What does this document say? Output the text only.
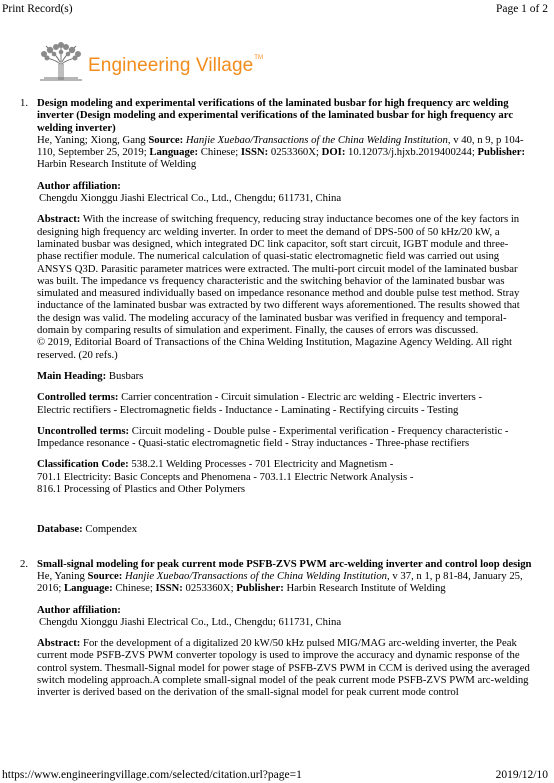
Print Record(s)	Page 1 of 2
Engineering Village™
1. Design modeling and experimental verifications of the laminated busbar for high frequency arc welding inverter (Design modeling and experimental verifications of the laminated busbar for high frequency arc welding inverter)
He, Yaning; Xiong, Gang Source: Hanjie Xuebao/Transactions of the China Welding Institution, v 40, n 9, p 104-110, September 25, 2019; Language: Chinese; ISSN: 0253360X; DOI: 10.12073/j.hjxb.2019400244; Publisher: Harbin Research Institute of Welding
Author affiliation:
Chengdu Xionggu Jiashi Electrical Co., Ltd., Chengdu; 611731, China
Abstract: With the increase of switching frequency, reducing stray inductance becomes one of the key factors in designing high frequency arc welding inverter. In order to meet the demand of DPS-500 of 50 kHz/20 kW, a laminated busbar was designed, which integrated DC link capacitor, soft start circuit, IGBT module and three-phase rectifier module. The numerical calculation of quasi-static electromagnetic field was carried out using ANSYS Q3D. Parasitic parameter matrices were extracted. The multi-port circuit model of the laminated busbar was built. The impedance vs frequency characteristic and the switching behavior of the laminated busbar was simulated and measured individually based on impedance resonance method and double pulse test method. Stray inductance of the laminated busbar was extracted by two different ways aforementioned. The results showed that the design was valid. The modeling accuracy of the laminated busbar was verified in frequency and temporal-domain by comparing results of simulation and experiment. Finally, the causes of errors was discussed.
© 2019, Editorial Board of Transactions of the China Welding Institution, Magazine Agency Welding. All right reserved. (20 refs.)
Main Heading: Busbars
Controlled terms: Carrier concentration - Circuit simulation - Electric arc welding - Electric inverters - Electric rectifiers - Electromagnetic fields - Inductance - Laminating - Rectifying circuits - Testing
Uncontrolled terms: Circuit modeling - Double pulse - Experimental verification - Frequency characteristic - Impedance resonance - Quasi-static electromagnetic field - Stray inductances - Three-phase rectifiers
Classification Code: 538.2.1 Welding Processes - 701 Electricity and Magnetism - 701.1 Electricity: Basic Concepts and Phenomena - 703.1.1 Electric Network Analysis - 816.1 Processing of Plastics and Other Polymers
Database: Compendex
2. Small-signal modeling for peak current mode PSFB-ZVS PWM arc-welding inverter and control loop design
He, Yaning Source: Hanjie Xuebao/Transactions of the China Welding Institution, v 37, n 1, p 81-84, January 25, 2016; Language: Chinese; ISSN: 0253360X; Publisher: Harbin Research Institute of Welding
Author affiliation:
Chengdu Xionggu Jiashi Electrical Co., Ltd., Chengdu; 611731, China
Abstract: For the development of a digitalized 20 kW/50 kHz pulsed MIG/MAG arc-welding inverter, the Peak current mode PSFB-ZVS PWM converter topology is used to improve the accuracy and dynamic response of the control system. Thesmall-Signal model for power stage of PSFB-ZVS PWM in CCM is derived using the averaged switch modeling approach.A complete small-signal model of the peak current mode PSFB-ZVS PWM arc-welding inverter is derived based on the derivation of the small-signal model for peak current mode control
https://www.engineeringvillage.com/selected/citation.url?page=1	2019/12/10
